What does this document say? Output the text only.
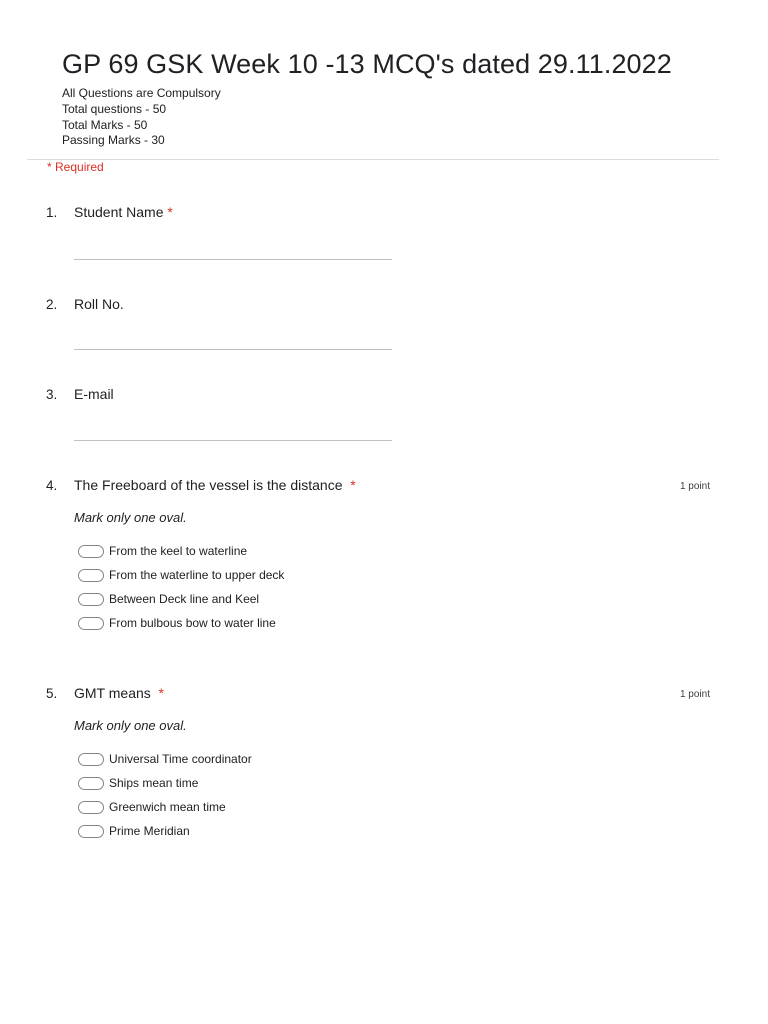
GP 69 GSK Week 10 -13 MCQ's dated 29.11.2022
All Questions are Compulsory
Total questions - 50
Total Marks - 50
Passing Marks - 30
* Required
1. Student Name *
2. Roll No.
3. E-mail
4. The Freeboard of the vessel is the distance *	1 point
Mark only one oval.
From the keel to waterline
From the waterline to upper deck
Between Deck line and Keel
From bulbous bow to water line
5. GMT means *	1 point
Mark only one oval.
Universal Time coordinator
Ships mean time
Greenwich mean time
Prime Meridian
